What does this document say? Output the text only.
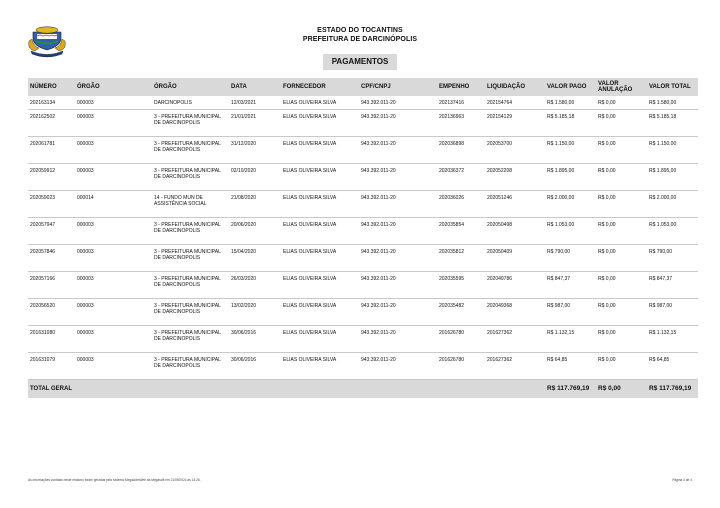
ESTADO DO TOCANTINS
PREFEITURA DE DARCINÓPOLIS
PAGAMENTOS
NÚMERO	ÓRGÃO	ÓRGÃO	DATA	FORNECEDOR	CPF/CNPJ	EMPENHO	LIQUIDAÇÃO	VALOR PAGO	VALOR ANULAÇÃO	VALOR TOTAL
202163134	000003	DARCINOPOLIS	12/03/2021	ELIAS OLIVEIRA SILVA	943.392.011-20	202137416	202154764	R$ 1.580,00	R$ 0,00	R$ 1.580,00
202162502	000003	3 - PREFEITURA MUNICIPAL DE DARCINOPOLIS	21/01/2021	ELIAS OLIVEIRA SILVA	943.392.011-20	202136963	202154129	R$ 5.185,18	R$ 0,00	R$ 5.185,18
202061781	000003	3 - PREFEITURA MUNICIPAL DE DARCINOPOLIS	31/12/2020	ELIAS OLIVEIRA SILVA	943.392.011-20	202036898	202053700	R$ 1.150,00	R$ 0,00	R$ 1.150,00
202059912	000003	3 - PREFEITURA MUNICIPAL DE DARCINOPOLIS	02/10/2020	ELIAS OLIVEIRA SILVA	943.392.011-20	202036372	202052208	R$ 1.895,00	R$ 0,00	R$ 1.895,00
202059023	000014	14 - FUNDO MUN DE ASSISTÊNCIA SOCIAL	21/08/2020	ELIAS OLIVEIRA SILVA	943.392.011-20	202036026	202051246	R$ 2.000,00	R$ 0,00	R$ 2.000,00
202057947	000003	3 - PREFEITURA MUNICIPAL DE DARCINOPOLIS	20/06/2020	ELIAS OLIVEIRA SILVA	943.392.011-20	202035854	202050498	R$ 1.053,00	R$ 0,00	R$ 1.053,00
202057846	000003	3 - PREFEITURA MUNICIPAL DE DARCINOPOLIS	15/04/2020	ELIAS OLIVEIRA SILVA	943.392.011-20	202035812	202050409	R$ 790,00	R$ 0,00	R$ 790,00
202057166	000003	3 - PREFEITURA MUNICIPAL DE DARCINOPOLIS	26/03/2020	ELIAS OLIVEIRA SILVA	943.392.011-20	202035595	202049786	R$ 847,37	R$ 0,00	R$ 847,37
202056520	000003	3 - PREFEITURA MUNICIPAL DE DARCINOPOLIS	13/02/2020	ELIAS OLIVEIRA SILVA	943.392.011-20	202035482	202049368	R$ 987,00	R$ 0,00	R$ 987,00
201631080	000003	3 - PREFEITURA MUNICIPAL DE DARCINOPOLIS	30/06/2016	ELIAS OLIVEIRA SILVA	943.392.011-20	201626780	201627362	R$ 1.132,15	R$ 0,00	R$ 1.132,15
201631079	000003	3 - PREFEITURA MUNICIPAL DE DARCINOPOLIS	30/06/2016	ELIAS OLIVEIRA SILVA	943.392.011-20	201626780	201627362	R$ 64,85	R$ 0,00	R$ 64,85
TOTAL GERAL								R$ 117.769,19	R$ 0,00	R$ 117.769,19
As informações contidas neste relatório foram geradas pelo sistema MegaAdmWeb da Megasoft em 21/09/2024 às 14:26.	Página 4 de 4
